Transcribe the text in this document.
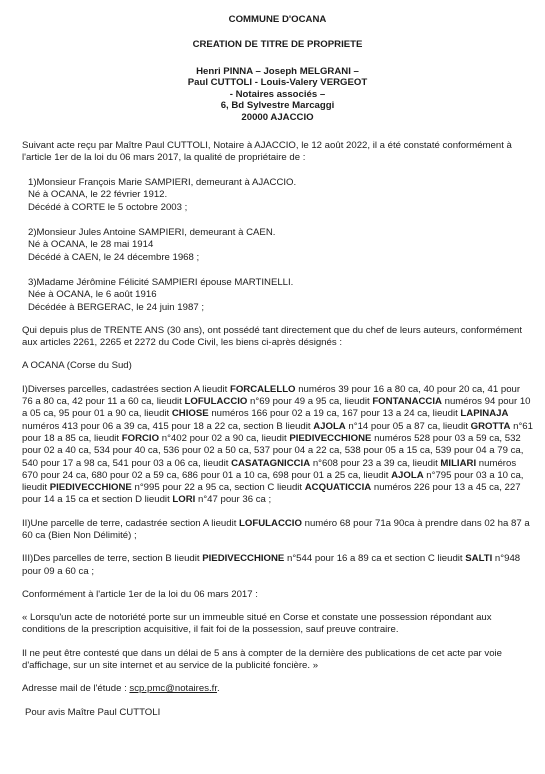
COMMUNE D'OCANA
CREATION DE TITRE DE PROPRIETE
Henri PINNA – Joseph MELGRANI –
Paul CUTTOLI - Louis-Valery VERGEOT
- Notaires associés –
6, Bd Sylvestre Marcaggi
20000 AJACCIO

Suivant acte reçu par Maître Paul CUTTOLI, Notaire à AJACCIO, le 12 août 2022, il a été constaté conformément à l'article 1er de la loi du 06 mars 2017, la qualité de propriétaire de :

1)Monsieur François Marie SAMPIERI, demeurant à AJACCIO.
Né à OCANA, le 22 février 1912.
Décédé à CORTE le 5 octobre 2003 ;
2)Monsieur Jules Antoine SAMPIERI, demeurant à CAEN.
Né à OCANA, le 28 mai 1914
Décédé à CAEN, le 24 décembre 1968 ;
3)Madame Jérômine Félicité SAMPIERI épouse MARTINELLI.
Née à OCANA, le 6 août 1916
Décédée à BERGERAC, le 24 juin 1987 ;

Qui depuis plus de TRENTE ANS (30 ans), ont possédé tant directement que du chef de leurs auteurs, conformément aux articles 2261, 2265 et 2272 du Code Civil, les biens ci-après désignés :

A OCANA (Corse du Sud)

I)Diverses parcelles, cadastrées section A lieudit FORCALELLO numéros 39 pour 16 a 80 ca, 40 pour 20 ca, 41 pour 76 a 80 ca, 42 pour 11 a 60 ca, lieudit LOFULACCIO n°69 pour 49 a 95 ca, lieudit FONTANACCIA numéros 94 pour 10 a 05 ca, 95 pour 01 a 90 ca, lieudit CHIOSE numéros 166 pour 02 a 19 ca, 167 pour 13 a 24 ca, lieudit LAPINAJA numéros 413 pour 06 a 39 ca, 415 pour 18 a 22 ca, section B lieudit AJOLA n°14 pour 05 a 87 ca, lieudit GROTTA n°61 pour 18 a 85 ca, lieudit FORCIO n°402 pour 02 a 90 ca, lieudit PIEDIVECCHIONE numéros 528 pour 03 a 59 ca, 532 pour 02 a 40 ca, 534 pour 40 ca, 536 pour 02 a 50 ca, 537 pour 04 a 22 ca, 538 pour 05 a 15 ca, 539 pour 04 a 79 ca, 540 pour 17 a 98 ca, 541 pour 03 a 06 ca, lieudit CASATAGNICCIA n°608 pour 23 a 39 ca, lieudit MILIARI numéros 670 pour 24 ca, 680 pour 02 a 59 ca, 686 pour 01 a 10 ca, 698 pour 01 a 25 ca, lieudit AJOLA n°795 pour 03 a 10 ca, lieudit PIEDIVECCHIONE n°995 pour 22 a 95 ca, section C lieudit ACQUATICCIA numéros 226 pour 13 a 45 ca, 227 pour 14 a 15 ca et section D lieudit LORI n°47 pour 36 ca ;

II)Une parcelle de terre, cadastrée section A lieudit LOFULACCIO numéro 68 pour 71a 90ca à prendre dans 02 ha 87 a 60 ca (Bien Non Délimité) ;

III)Des parcelles de terre, section B lieudit PIEDIVECCHIONE n°544 pour 16 a 89 ca et section C lieudit SALTI n°948 pour 09 a 60 ca ;

Conformément à l'article 1er de la loi du 06 mars 2017 :

« Lorsqu'un acte de notoriété porte sur un immeuble situé en Corse et constate une possession répondant aux conditions de la prescription acquisitive, il fait foi de la possession, sauf preuve contraire.

Il ne peut être contesté que dans un délai de 5 ans à compter de la dernière des publications de cet acte par voie d'affichage, sur un site internet et au service de la publicité foncière. »

Adresse mail de l'étude : scp.pmc@notaires.fr.

Pour avis Maître Paul CUTTOLI
